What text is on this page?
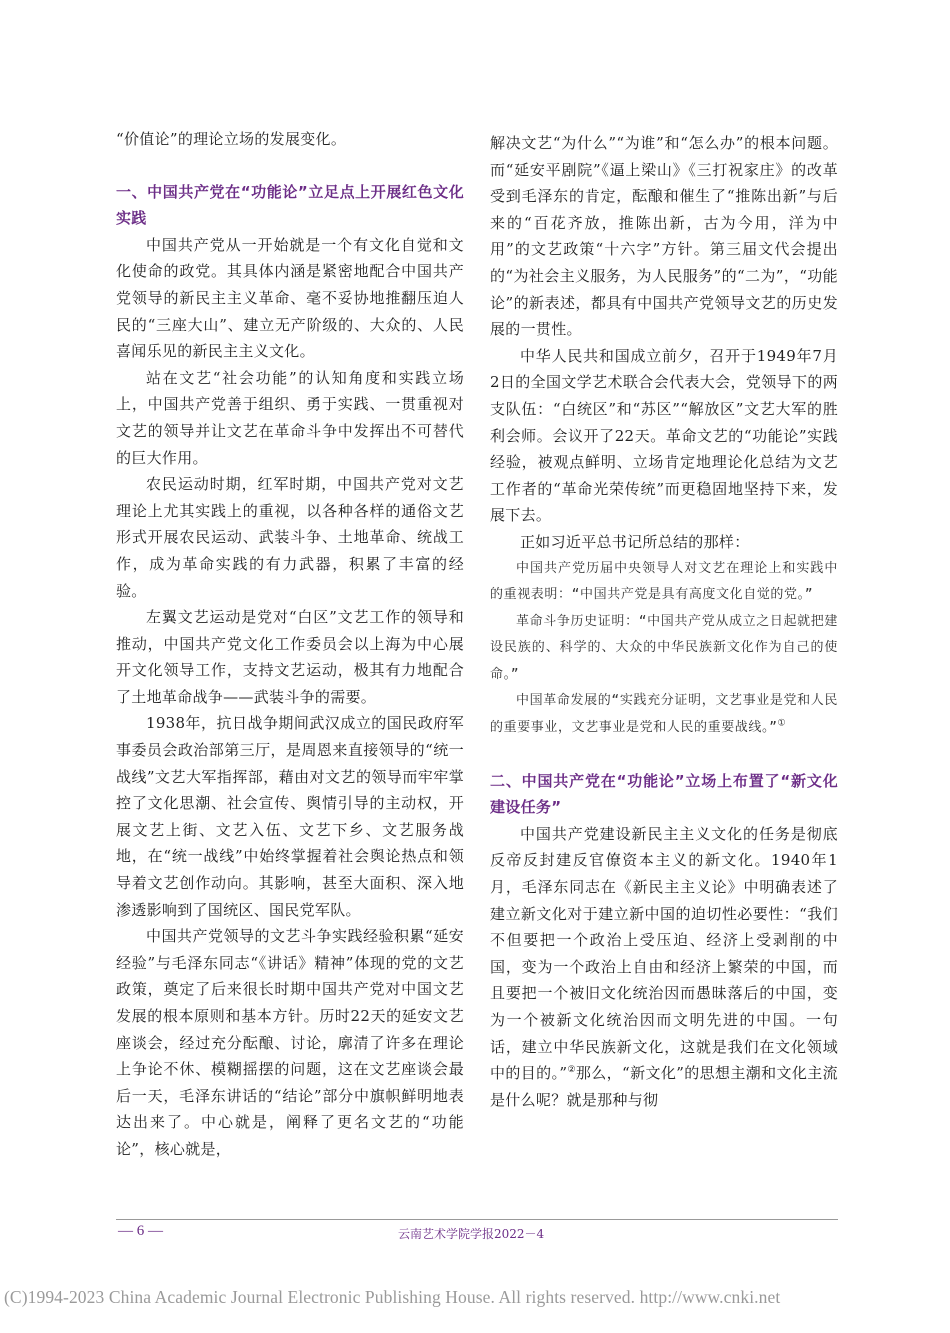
“价值论”的理论立场的发展变化。

一、中国共产党在“功能论”立足点上开展红色文化实践

中国共产党从一开始就是一个有文化自觉和文化使命的政党。其具体内涵是紧密地配合中国共产党领导的新民主主义革命、毫不妥协地推翻压迫人民的“三座大山”、建立无产阶级的、大众的、人民喜闻乐见的新民主主义文化。

站在文艺“社会功能”的认知角度和实践立场上，中国共产党善于组织、勇于实践、一贯重视对文艺的领导并让文艺在革命斗争中发挥出不可替代的巨大作用。

农民运动时期，红军时期，中国共产党对文艺理论上尤其实践上的重视，以各种各样的通俗文艺形式开展农民运动、武装斗争、土地革命、统战工作，成为革命实践的有力武器，积累了丰富的经验。

左翼文艺运动是党对“白区”文艺工作的领导和推动，中国共产党文化工作委员会以上海为中心展开文化领导工作，支持文艺运动，极其有力地配合了土地革命战争——武装斗争的需要。

1938年，抗日战争期间武汉成立的国民政府军事委员会政治部第三厅，是周恩来直接领导的“统一战线”文艺大军指挥部，藉由对文艺的领导而牢牢掌控了文化思潮、社会宣传、舆情引导的主动权，开展文艺上街、文艺入伍、文艺下乡、文艺服务战地，在“统一战线”中始终掌握着社会舆论热点和领导着文艺创作动向。其影响，甚至大面积、深入地渗透影响到了国统区、国民党军队。

中国共产党领导的文艺斗争实践经验积累“延安经验”与毛泽东同志“《讲话》精神”体现的党的文艺政策，奠定了后来很长时期中国共产党对中国文艺发展的根本原则和基本方针。历时22天的延安文艺座谈会，经过充分酝酿、讨论，廓清了许多在理论上争论不休、模糊摇摆的问题，这在文艺座谈会最后一天，毛泽东讲话的“结论”部分中旗帜鲜明地表达出来了。中心就是，阐释了更名文艺的“功能论”，核心就是，

解决文艺“为什么”“为谁”和“怎么办”的根本问题。而“延安平剧院”《逼上梁山》《三打祝家庄》的改革受到毛泽东的肯定，酝酿和催生了“推陈出新”与后来的“百花齐放，推陈出新，古为今用，洋为中用”的文艺政策“十六字”方针。第三届文代会提出的“为社会主义服务，为人民服务”的“二为”，“功能论”的新表述，都具有中国共产党领导文艺的历史发展的一贯性。

中华人民共和国成立前夕，召开于1949年7月2日的全国文学艺术联合会代表大会，党领导下的两支队伍：“白统区”和“苏区”“解放区”文艺大军的胜利会师。会议开了22天。革命文艺的“功能论”实践经验，被观点鲜明、立场肯定地理论化总结为文艺工作者的“革命光荣传统”而更稳固地坚持下来，发展下去。

正如习近平总书记所总结的那样：

中国共产党历届中央领导人对文艺在理论上和实践中的重视表明：“中国共产党是具有高度文化自觉的党。”

革命斗争历史证明：“中国共产党从成立之日起就把建设民族的、科学的、大众的中华民族新文化作为自己的使命。”

中国革命发展的“实践充分证明，文艺事业是党和人民的重要事业，文艺事业是党和人民的重要战线。”①

二、中国共产党在“功能论”立场上布置了“新文化建设任务”

中国共产党建设新民主主义文化的任务是彻底反帝反封建反官僚资本主义的新文化。1940年1月，毛泽东同志在《新民主主义论》中明确表述了建立新文化对于建立新中国的迫切性必要性：“我们不但要把一个政治上受压迫、经济上受剥削的中国，变为一个政治上自由和经济上繁荣的中国，而且要把一个被旧文化统治因而愚昧落后的中国，变为一个被新文化统治因而文明先进的中国。一句话，建立中华民族新文化，这就是我们在文化领域中的目的。”②那么，“新文化”的思想主潮和文化主流是什么呢？就是那种与彻

— 6 —	云南艺术学院学报2022－4
(C)1994-2023 China Academic Journal Electronic Publishing House. All rights reserved. http://www.cnki.net
